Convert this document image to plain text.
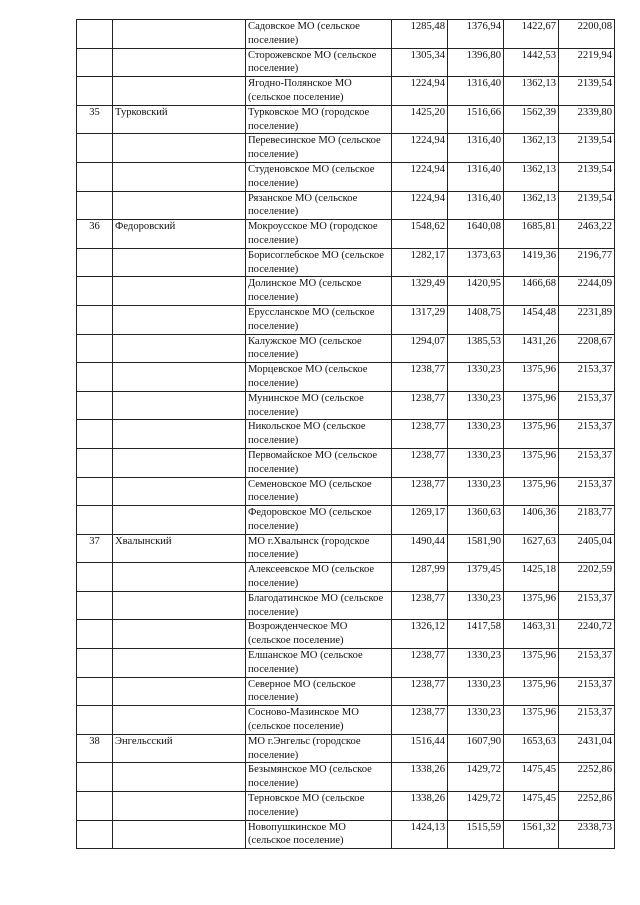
		Садовское МО (сельское поселение)	1285,48	1376,94	1422,67	2200,08
		Сторожевское МО (сельское поселение)	1305,34	1396,80	1442,53	2219,94
		Ягодно-Полянское МО (сельское поселение)	1224,94	1316,40	1362,13	2139,54
35	Турковский	Турковское МО (городское поселение)	1425,20	1516,66	1562,39	2339,80
		Перевесинское МО (сельское поселение)	1224,94	1316,40	1362,13	2139,54
		Студеновское МО (сельское поселение)	1224,94	1316,40	1362,13	2139,54
		Рязанское МО (сельское поселение)	1224,94	1316,40	1362,13	2139,54
36	Федоровский	Мокроусское МО (городское поселение)	1548,62	1640,08	1685,81	2463,22
		Борисоглебское МО (сельское поселение)	1282,17	1373,63	1419,36	2196,77
		Долинское МО (сельское поселение)	1329,49	1420,95	1466,68	2244,09
		Еруссланское МО (сельское поселение)	1317,29	1408,75	1454,48	2231,89
		Калужское МО (сельское поселение)	1294,07	1385,53	1431,26	2208,67
		Морцевское МО (сельское поселение)	1238,77	1330,23	1375,96	2153,37
		Мунинское МО (сельское поселение)	1238,77	1330,23	1375,96	2153,37
		Никольское МО (сельское поселение)	1238,77	1330,23	1375,96	2153,37
		Первомайское МО (сельское поселение)	1238,77	1330,23	1375,96	2153,37
		Семеновское МО (сельское поселение)	1238,77	1330,23	1375,96	2153,37
		Федоровское МО (сельское поселение)	1269,17	1360,63	1406,36	2183,77
37	Хвалынский	МО г.Хвалынск (городское поселение)	1490,44	1581,90	1627,63	2405,04
		Алексеевское МО (сельское поселение)	1287,99	1379,45	1425,18	2202,59
		Благодатинское МО (сельское поселение)	1238,77	1330,23	1375,96	2153,37
		Возрожденческое МО (сельское поселение)	1326,12	1417,58	1463,31	2240,72
		Елшанское МО (сельское поселение)	1238,77	1330,23	1375,96	2153,37
		Северное МО (сельское поселение)	1238,77	1330,23	1375,96	2153,37
		Сосново-Мазинское МО (сельское поселение)	1238,77	1330,23	1375,96	2153,37
38	Энгельсский	МО г.Энгельс (городское поселение)	1516,44	1607,90	1653,63	2431,04
		Безымянское МО (сельское поселение)	1338,26	1429,72	1475,45	2252,86
		Терновское МО (сельское поселение)	1338,26	1429,72	1475,45	2252,86
		Новопушкинское МО (сельское поселение)	1424,13	1515,59	1561,32	2338,73
